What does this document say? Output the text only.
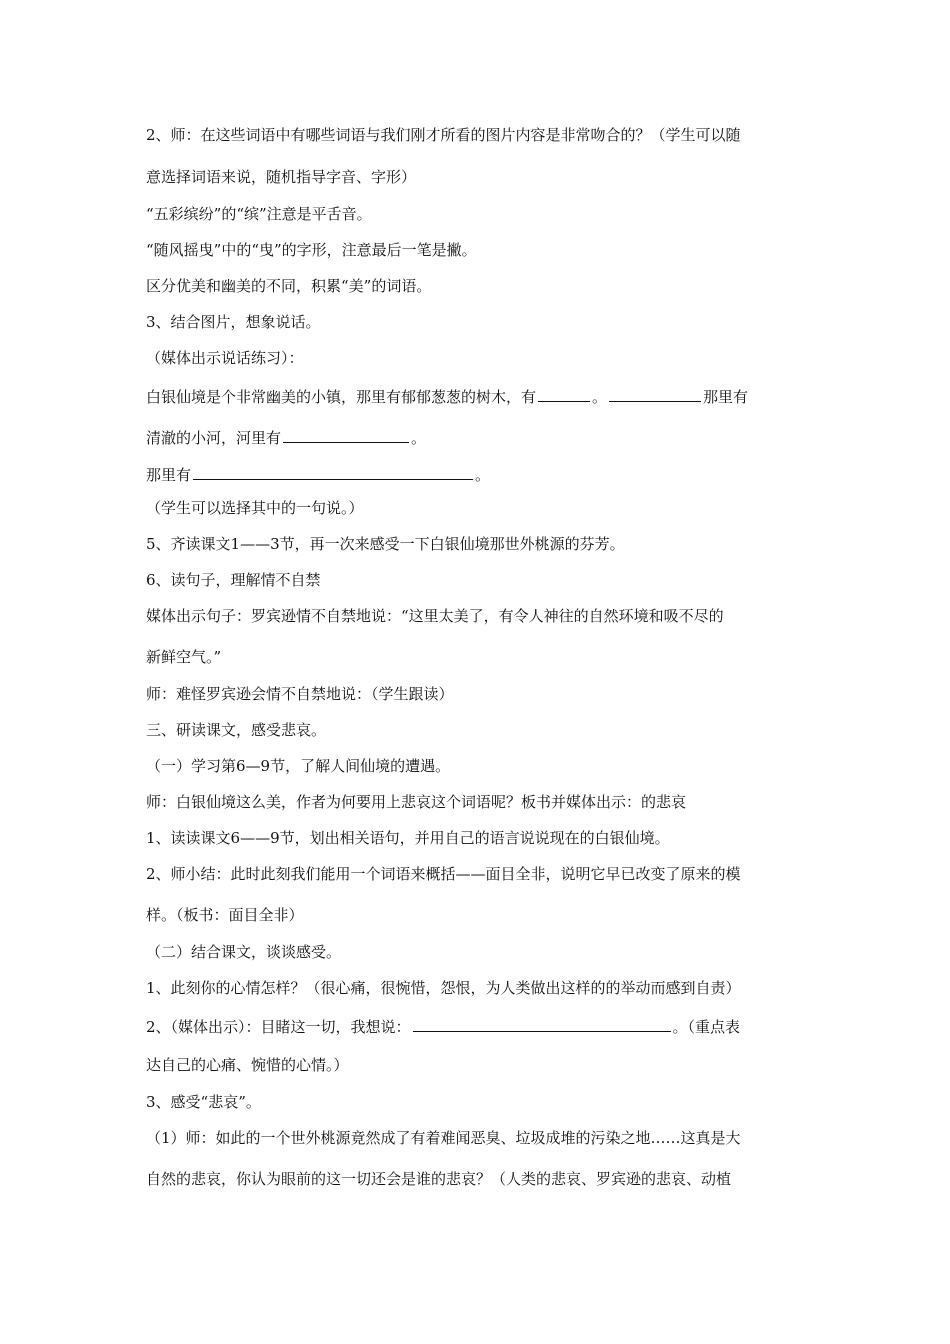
2、师：在这些词语中有哪些词语与我们刚才所看的图片内容是非常吻合的？（学生可以随
意选择词语来说，随机指导字音、字形）
“五彩缤纷”的“缤”注意是平舌音。
“随风摇曳”中的“曳”的字形，注意最后一笔是撇。
区分优美和幽美的不同，积累“美”的词语。
3、结合图片，想象说话。
（媒体出示说话练习）：
白银仙境是个非常幽美的小镇，那里有郁郁葱葱的树木，有	。	那里有
清澈的小河，河里有	。
那里有	。
（学生可以选择其中的一句说。）
5、齐读课文1——3节，再一次来感受一下白银仙境那世外桃源的芬芳。
6、读句子，理解情不自禁
媒体出示句子：罗宾逊情不自禁地说：“这里太美了，有令人神往的自然环境和吸不尽的
新鲜空气。”
师：难怪罗宾逊会情不自禁地说：（学生跟读）
三、研读课文，感受悲哀。
（一）学习第6—9节，了解人间仙境的遭遇。
师：白银仙境这么美，作者为何要用上悲哀这个词语呢？板书并媒体出示：的悲哀
1、读读课文6——9节，划出相关语句，并用自己的语言说说现在的白银仙境。
2、师小结：此时此刻我们能用一个词语来概括——面目全非，说明它早已改变了原来的模
样。（板书：面目全非）
（二）结合课文，谈谈感受。
1、此刻你的心情怎样？（很心痛，很惋惜，怨恨，为人类做出这样的的举动而感到自责）
2、（媒体出示）：目睹这一切，我想说：	。（重点表
达自己的心痛、惋惜的心情。）
3、感受“悲哀”。
（1）师：如此的一个世外桃源竟然成了有着难闻恶臭、垃圾成堆的污染之地……这真是大
自然的悲哀，你认为眼前的这一切还会是谁的悲哀？（人类的悲哀、罗宾逊的悲哀、动植
